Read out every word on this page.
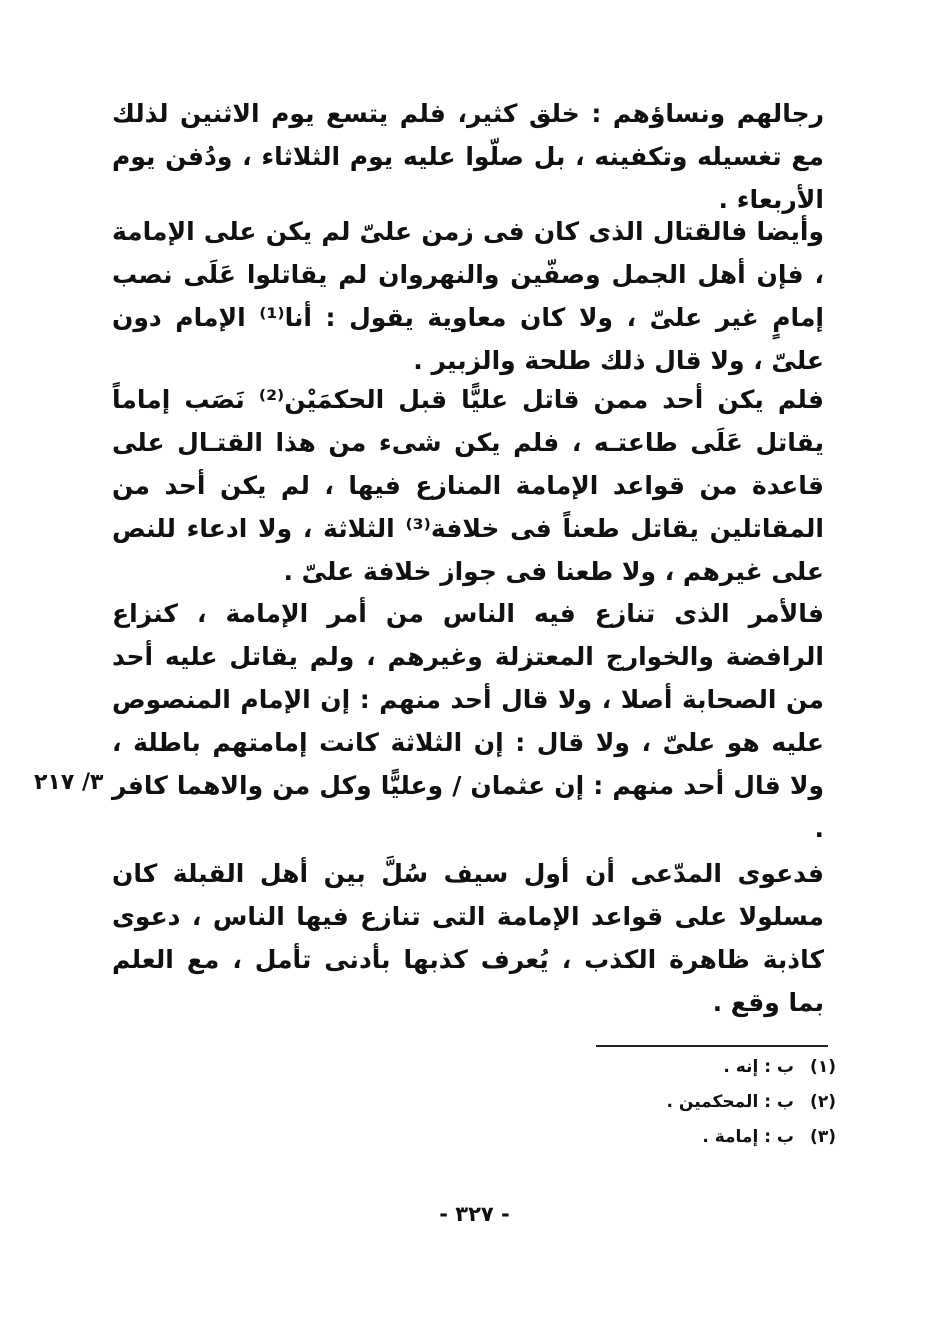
رجالهم ونساؤهم : خلق كثير، فلم يتسع يوم الاثنين لذلك مع تغسيله وتكفينه ، بل صلّوا عليه يوم الثلاثاء ، ودُفن يوم الأربعاء .

وأيضا فالقتال الذى كان فى زمن علىّ لم يكن على الإمامة ، فإن أهل الجمل وصفّين والنهروان لم يقاتلوا عَلَى نصب إمامٍ غير علىّ ، ولا كان معاوية يقول : أنا⁽¹⁾ الإمام دون علىّ ، ولا قال ذلك طلحة والزبير .

فلم يكن أحد ممن قاتل عليًّا قبل الحكمَيْن⁽²⁾ نَصَب إماماً يقاتل عَلَى طاعتـه ، فلم يكن شىء من هذا القتـال على قاعدة من قواعد الإمامة المنازع فيها ، لم يكن أحد من المقاتلين يقاتل طعناً فى خلافة⁽³⁾ الثلاثة ، ولا ادعاء للنص على غيرهم ، ولا طعنا فى جواز خلافة علىّ .

فالأمر الذى تنازع فيه الناس من أمر الإمامة ، كنزاع الرافضة والخوارج المعتزلة وغيرهم ، ولم يقاتل عليه أحد من الصحابة أصلا ، ولا قال أحد منهم : إن الإمام المنصوص عليه هو علىّ ، ولا قال : إن الثلاثة كانت إمامتهم باطلة ، ولا قال أحد منهم : إن عثمان / وعليًّا وكل من والاهما كافر .

فدعوى المدّعى أن أول سيف سُلَّ بين أهل القبلة كان مسلولا على قواعد الإمامة التى تنازع فيها الناس ، دعوى كاذبة ظاهرة الكذب ، يُعرف كذبها بأدنى تأمل ، مع العلم بما وقع .

٣/ ٢١٧
(١)
ب : إنه .
(٢)
ب : المحكمين .
(٣)
ب : إمامة .
- ٣٢٧ -
